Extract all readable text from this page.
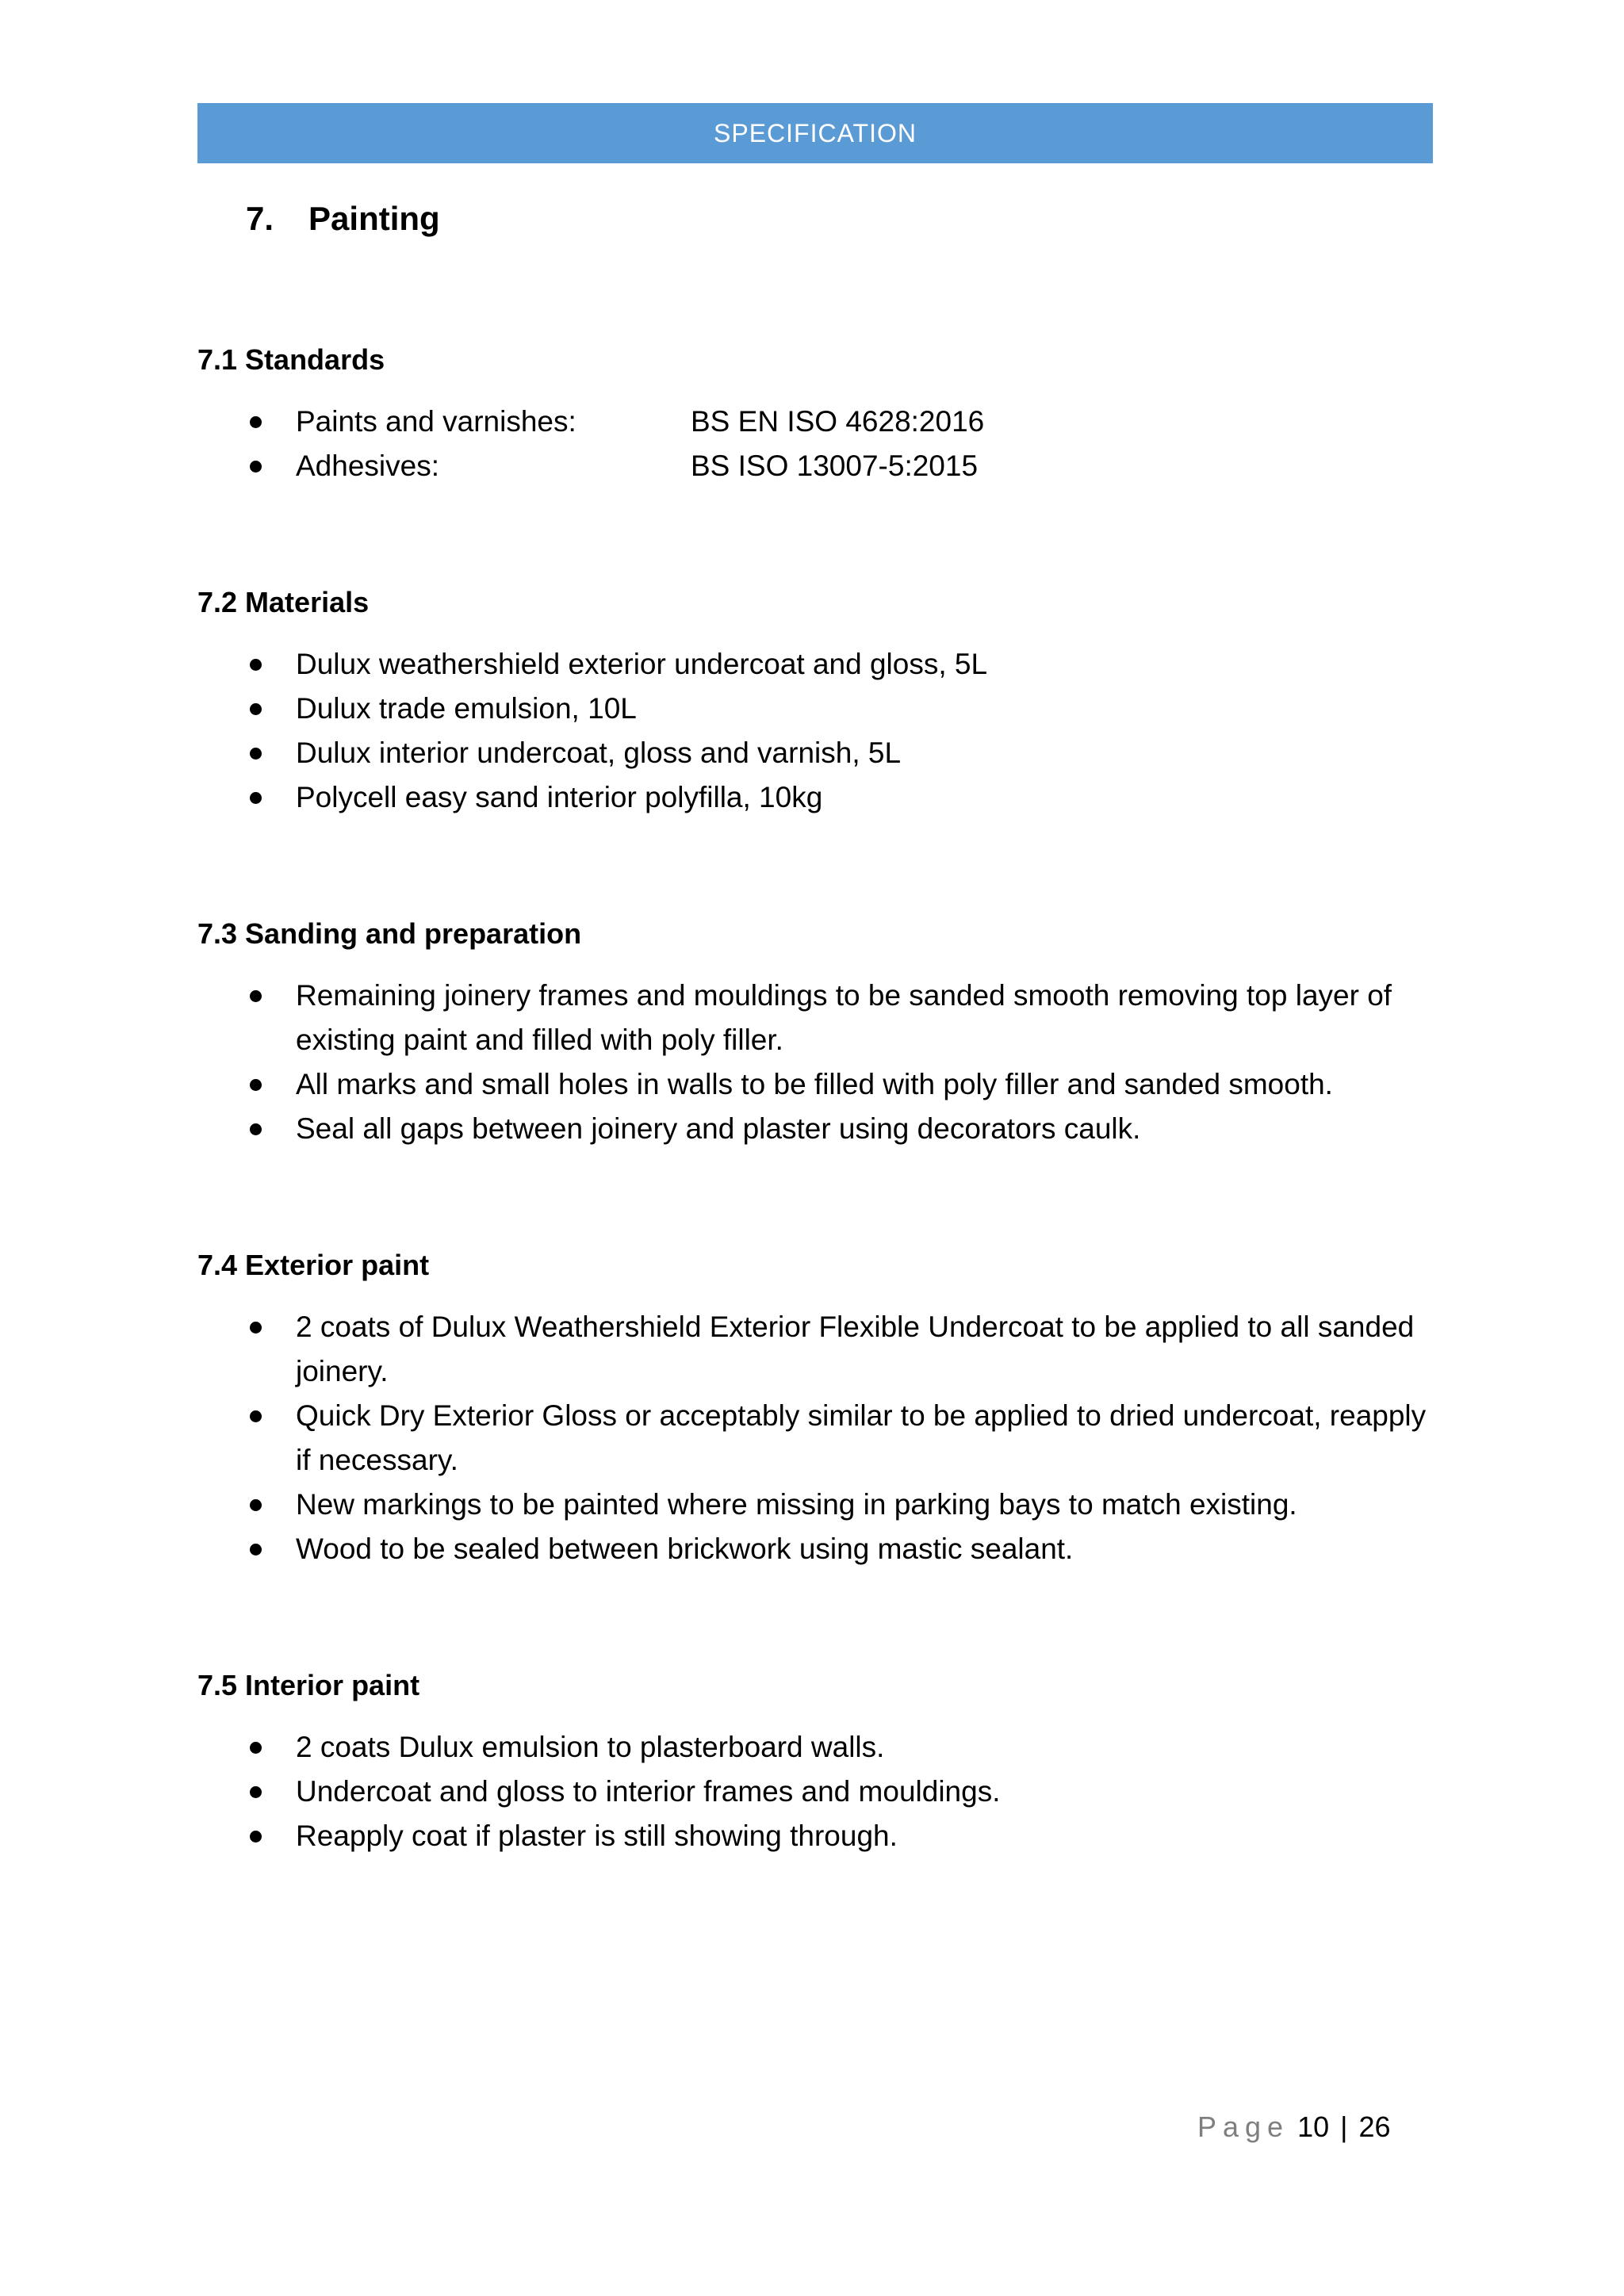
SPECIFICATION
7. Painting
7.1 Standards
Paints and varnishes:	BS EN ISO 4628:2016
Adhesives:	BS ISO 13007-5:2015
7.2 Materials
Dulux weathershield exterior undercoat and gloss, 5L
Dulux trade emulsion, 10L
Dulux interior undercoat, gloss and varnish, 5L
Polycell easy sand interior polyfilla, 10kg
7.3 Sanding and preparation
Remaining joinery frames and mouldings to be sanded smooth removing top layer of existing paint and filled with poly filler.
All marks and small holes in walls to be filled with poly filler and sanded smooth.
Seal all gaps between joinery and plaster using decorators caulk.
7.4 Exterior paint
2 coats of Dulux Weathershield Exterior Flexible Undercoat to be applied to all sanded joinery.
Quick Dry Exterior Gloss or acceptably similar to be applied to dried undercoat, reapply if necessary.
New markings to be painted where missing in parking bays to match existing.
Wood to be sealed between brickwork using mastic sealant.
7.5 Interior paint
2 coats Dulux emulsion to plasterboard walls.
Undercoat and gloss to interior frames and mouldings.
Reapply coat if plaster is still showing through.
Page 10 | 26
